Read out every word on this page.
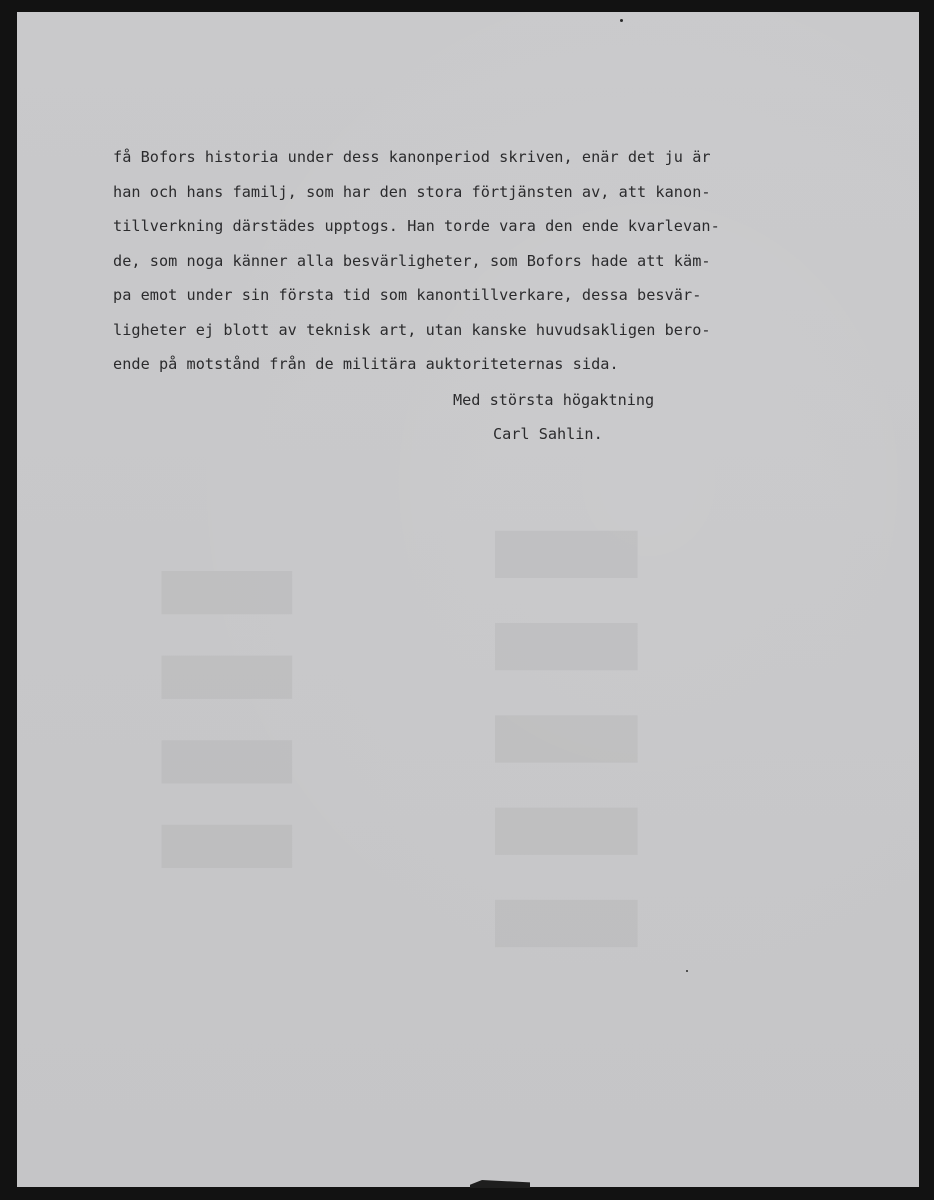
▌▌▌▌▌
▌▌▌▌
få Bofors historia under dess kanonperiod skriven, enär det ju är
han och hans familj, som har den stora förtjänsten av, att kanon-
tillverkning därstädes upptogs. Han torde vara den ende kvarlevan-
de, som noga känner alla besvärligheter, som Bofors hade att käm-
pa emot under sin första tid som kanontillverkare, dessa besvär-
ligheter ej blott av teknisk art, utan kanske huvudsakligen bero-
ende på motstånd från de militära auktoriteternas sida.
Med största högaktning
Carl Sahlin.
